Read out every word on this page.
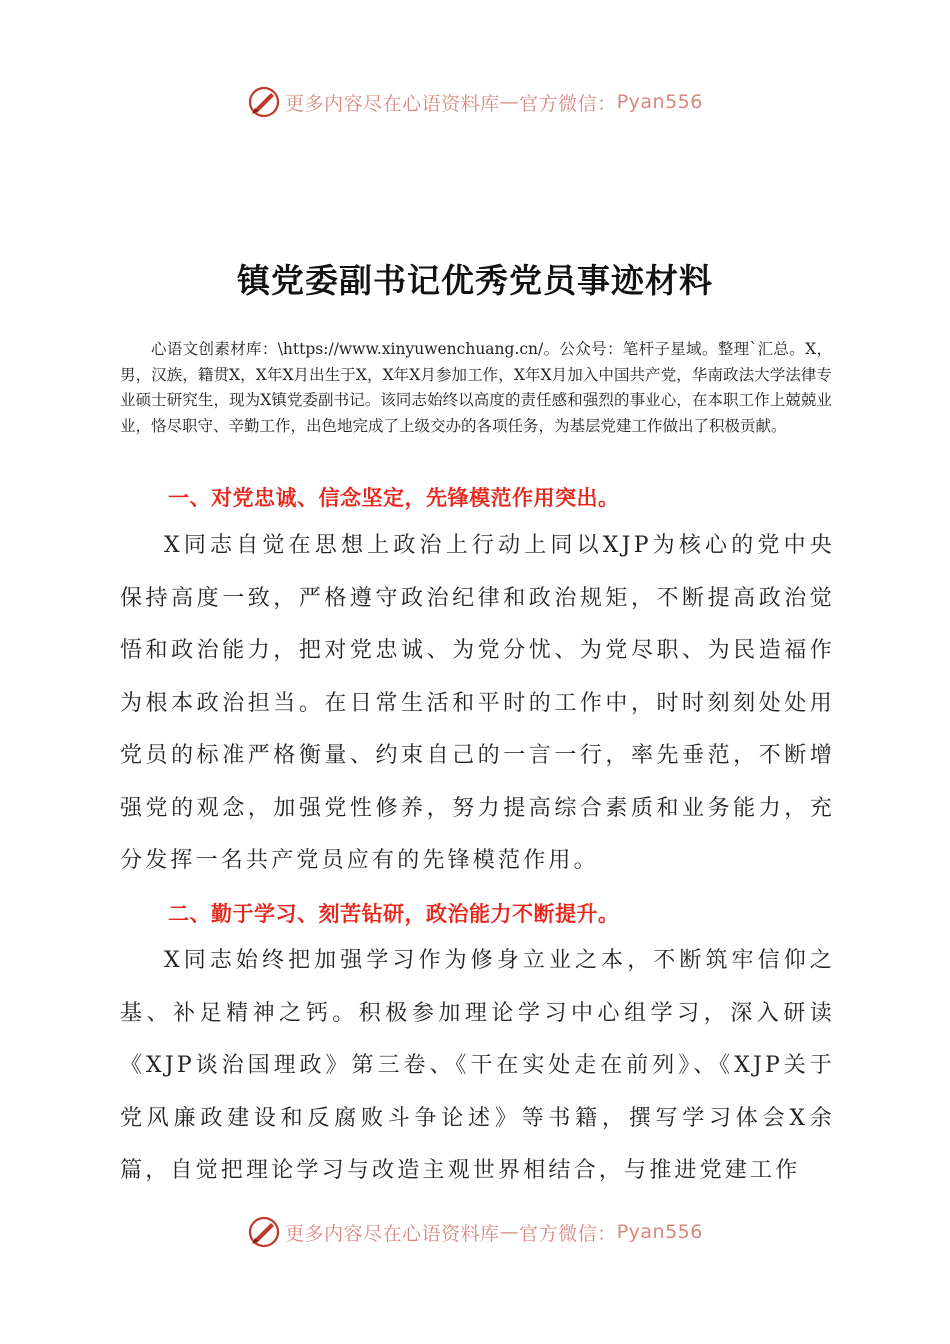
更多内容尽在心语资料库 — 官方微信： Pyan556
镇党委副书记优秀党员事迹材料

心语文创素材库：\https://www.xinyuwenchuang.cn/。公众号：笔杆子星域。整理`汇总。X，男，汉族，籍贯X，X年X月出生于X，X年X月参加工作，X年X月加入中国共产党，华南政法大学法律专业硕士研究生，现为X镇党委副书记。该同志始终以高度的责任感和强烈的事业心，在本职工作上兢兢业业，恪尽职守、辛勤工作，出色地完成了上级交办的各项任务，为基层党建工作做出了积极贡献。

一、对党忠诚、信念坚定，先锋模范作用突出。

X同志自觉在思想上政治上行动上同以XJP为核心的党中央保持高度一致，严格遵守政治纪律和政治规矩，不断提高政治觉悟和政治能力，把对党忠诚、为党分忧、为党尽职、为民造福作为根本政治担当。在日常生活和平时的工作中，时时刻刻处处用党员的标准严格衡量、约束自己的一言一行，率先垂范，不断增强党的观念，加强党性修养，努力提高综合素质和业务能力，充分发挥一名共产党员应有的先锋模范作用。

二、勤于学习、刻苦钻研，政治能力不断提升。

X同志始终把加强学习作为修身立业之本，不断筑牢信仰之基、补足精神之钙。积极参加理论学习中心组学习，深入研读《XJP谈治国理政》第三卷、《干在实处走在前列》、《XJP关于党风廉政建设和反腐败斗争论述》等书籍，撰写学习体会X余篇，自觉把理论学习与改造主观世界相结合，与推进党建工作

更多内容尽在心语资料库 — 官方微信： Pyan556
